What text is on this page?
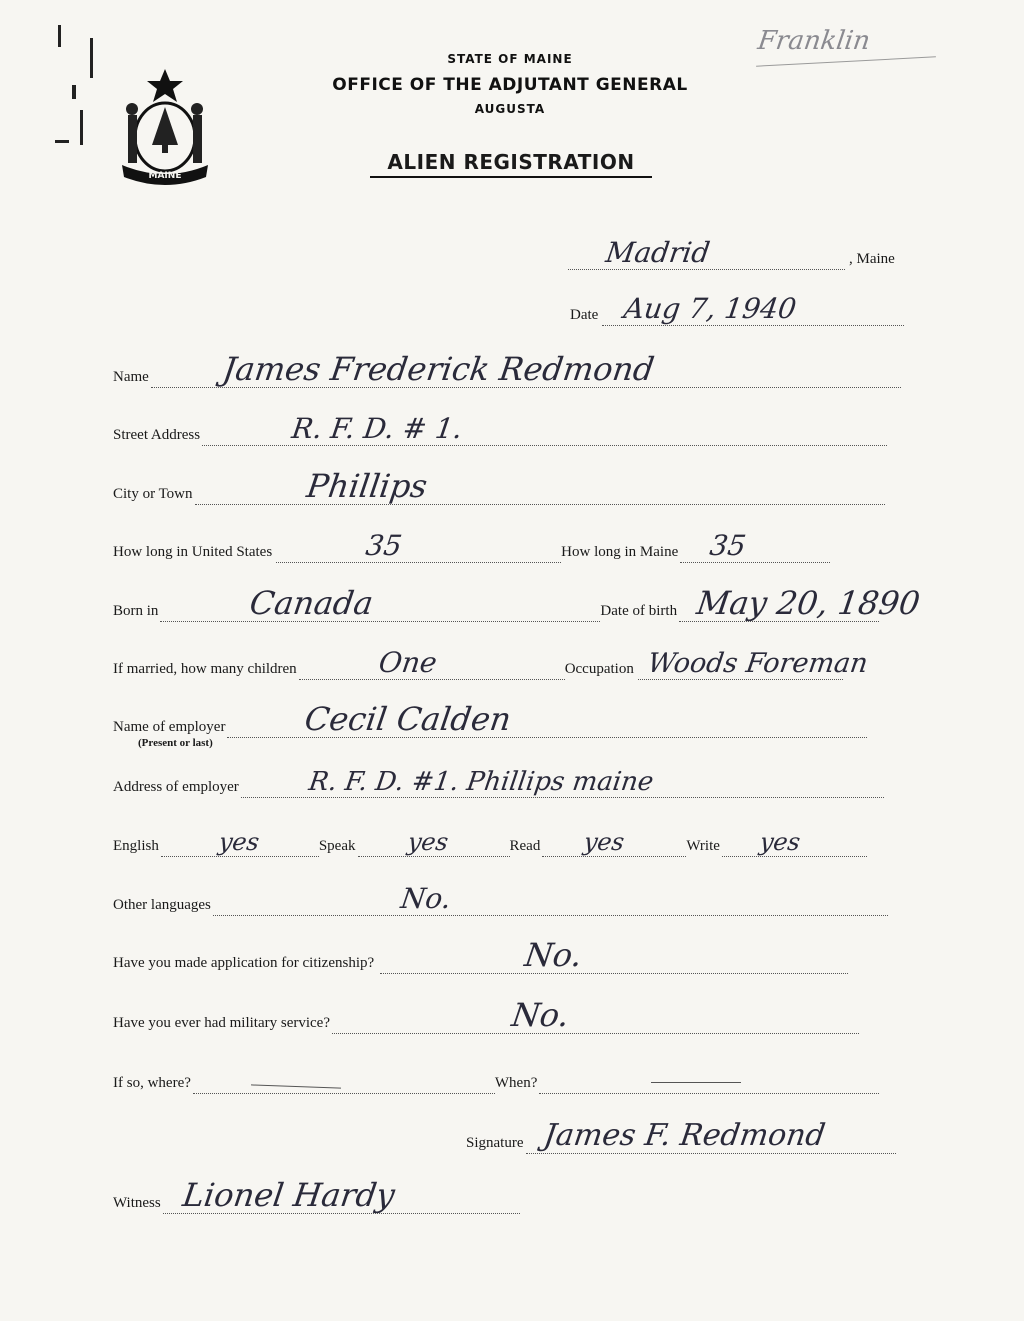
Franklin
MAINE
STATE OF MAINE
OFFICE OF THE ADJUTANT GENERAL
AUGUSTA
ALIEN REGISTRATION
Madrid	, Maine
Date Aug 7, 1940
Name James Frederick Redmond
Street Address	R. F. D. # 1.
City or Town	Phillips
How long in United States	35	How long in Maine 35
Born in	Canada	Date of birth May 20, 1890
If married, how many children	One	Occupation Woods Foreman
Name of employer Cecil Calden
(Present or last)
Address of employer	R. F. D. #1. Phillips maine
English yes	Speak yes	Read yes	Write yes
Other languages	No.
Have you made application for citizenship?	No.
Have you ever had military service?	No.
If so, where?	When?
Signature James F. Redmond
Witness Lionel Hardy
